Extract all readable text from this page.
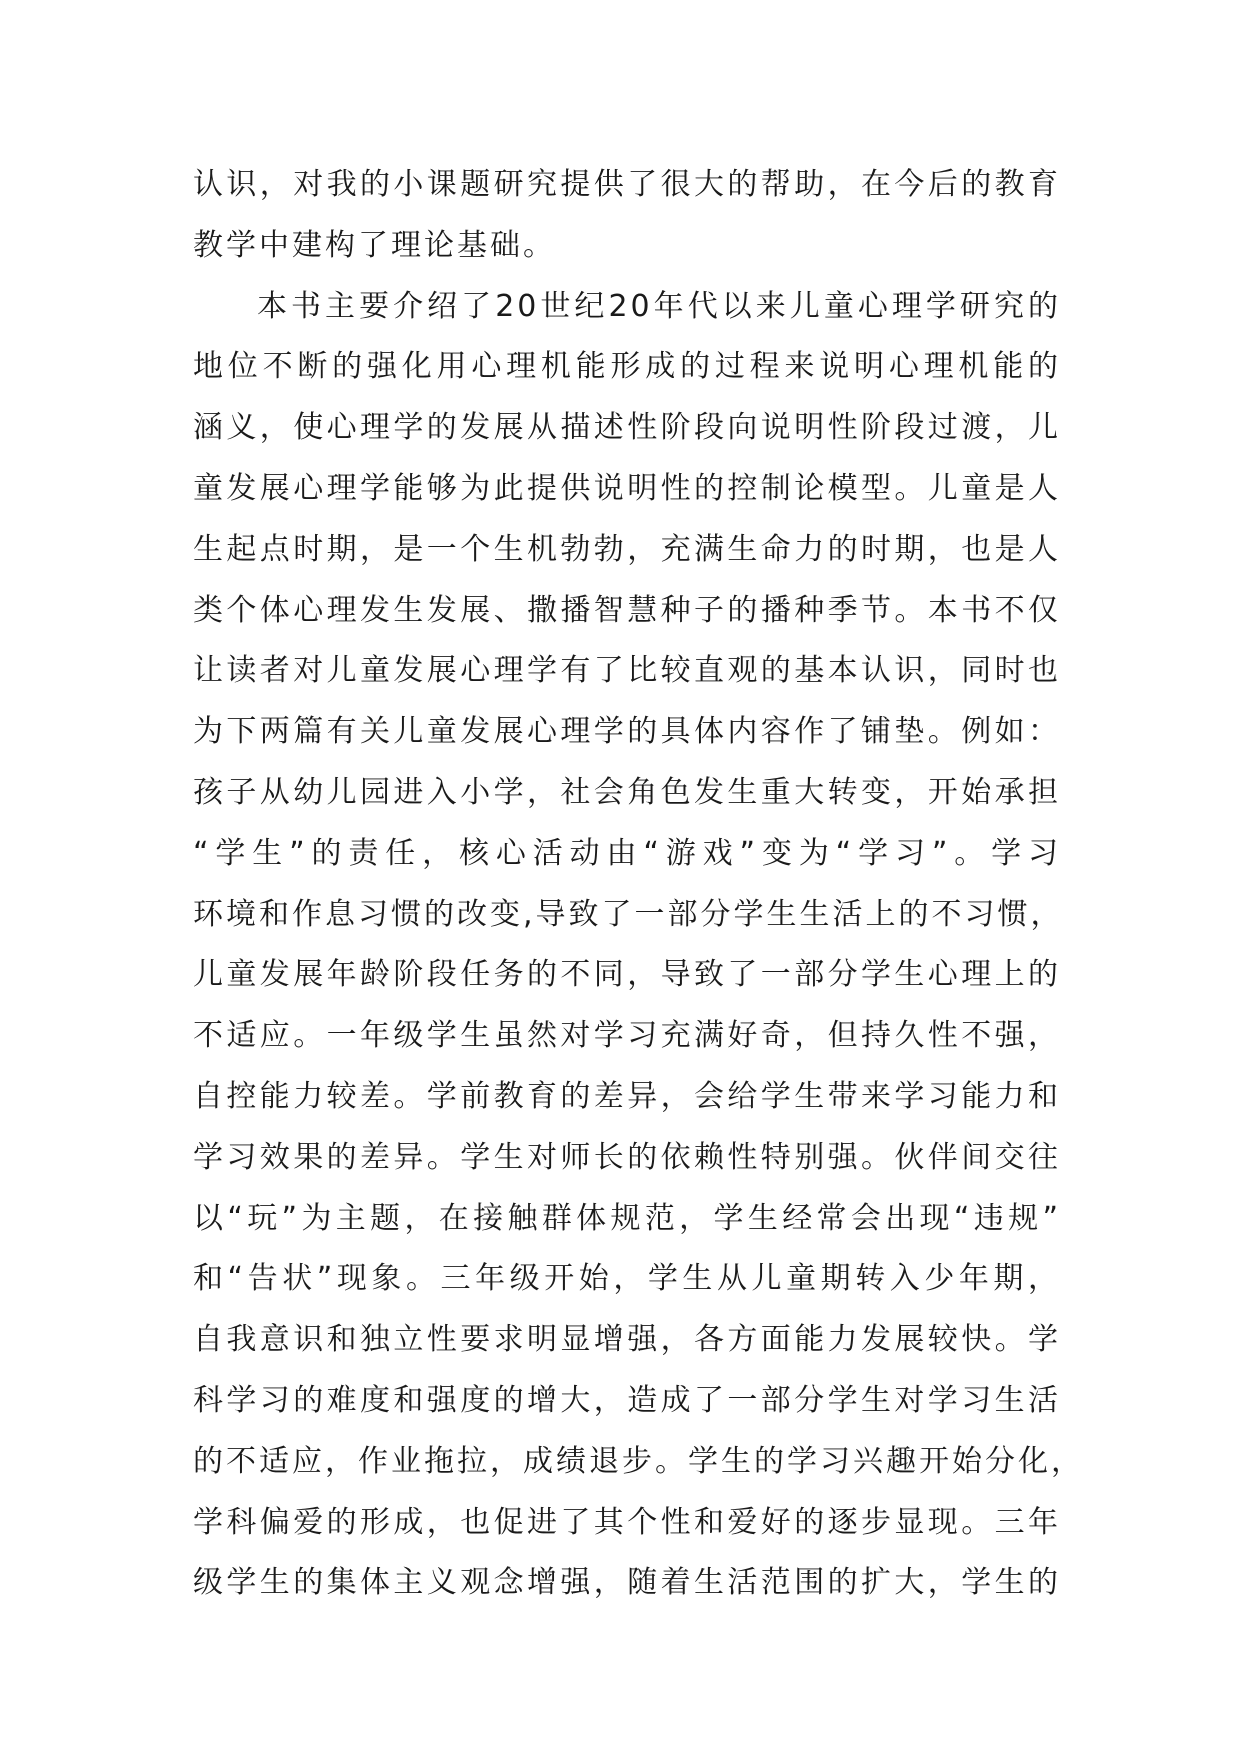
认识，对我的小课题研究提供了很大的帮助，在今后的教育
教学中建构了理论基础。
本书主要介绍了20世纪20年代以来儿童心理学研究的
地位不断的强化用心理机能形成的过程来说明心理机能的
涵义，使心理学的发展从描述性阶段向说明性阶段过渡，儿
童发展心理学能够为此提供说明性的控制论模型。儿童是人
生起点时期，是一个生机勃勃，充满生命力的时期，也是人
类个体心理发生发展、撒播智慧种子的播种季节。本书不仅
让读者对儿童发展心理学有了比较直观的基本认识，同时也
为下两篇有关儿童发展心理学的具体内容作了铺垫。例如：
孩子从幼儿园进入小学，社会角色发生重大转变，开始承担
“学生”的责任，核心活动由“游戏”变为“学习”。学习
环境和作息习惯的改变,导致了一部分学生生活上的不习惯，
儿童发展年龄阶段任务的不同，导致了一部分学生心理上的
不适应。一年级学生虽然对学习充满好奇，但持久性不强，
自控能力较差。学前教育的差异，会给学生带来学习能力和
学习效果的差异。学生对师长的依赖性特别强。伙伴间交往
以“玩”为主题，在接触群体规范，学生经常会出现“违规”
和“告状”现象。三年级开始，学生从儿童期转入少年期，
自我意识和独立性要求明显增强，各方面能力发展较快。学
科学习的难度和强度的增大，造成了一部分学生对学习生活
的不适应，作业拖拉，成绩退步。学生的学习兴趣开始分化，
学科偏爱的形成，也促进了其个性和爱好的逐步显现。三年
级学生的集体主义观念增强，随着生活范围的扩大，学生的
